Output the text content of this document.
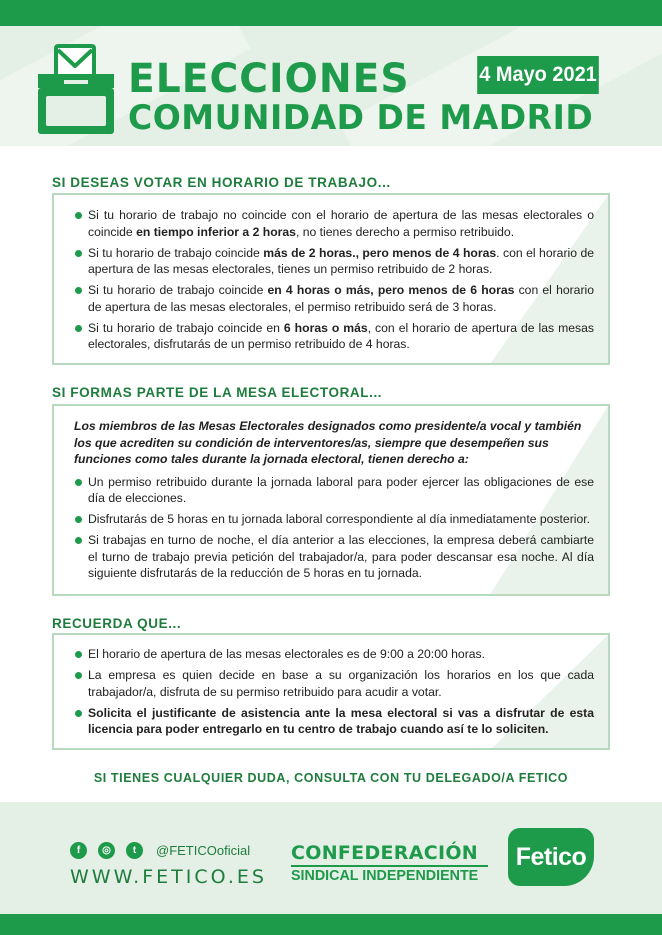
ELECCIONES
COMUNIDAD DE MADRID
4 Mayo 2021
SI DESEAS VOTAR EN HORARIO DE TRABAJO...
Si tu horario de trabajo no coincide con el horario de apertura de las mesas electorales o coincide en tiempo inferior a 2 horas, no tienes derecho a permiso retribuido.
Si tu horario de trabajo coincide más de 2 horas., pero menos de 4 horas. con el horario de apertura de las mesas electorales, tienes un permiso retribuido de 2 horas.
Si tu horario de trabajo coincide en 4 horas o más, pero menos de 6 horas con el horario de apertura de las mesas electorales, el permiso retribuido será de 3 horas.
Si tu horario de trabajo coincide en 6 horas o más, con el horario de apertura de las mesas electorales, disfrutarás de un permiso retribuido de 4 horas.
SI FORMAS PARTE DE LA MESA ELECTORAL...
Los miembros de las Mesas Electorales designados como presidente/a vocal y también los que acrediten su condición de interventores/as, siempre que desempeñen sus funciones como tales durante la jornada electoral, tienen derecho a:
Un permiso retribuido durante la jornada laboral para poder ejercer las obligaciones de ese día de elecciones.
Disfrutarás de 5 horas en tu jornada laboral correspondiente al día inmediatamente posterior.
Si trabajas en turno de noche, el día anterior a las elecciones, la empresa deberá cambiarte el turno de trabajo previa petición del trabajador/a, para poder descansar esa noche. Al día siguiente disfrutarás de la reducción de 5 horas en tu jornada.
RECUERDA QUE...
El horario de apertura de las mesas electorales es de 9:00 a 20:00 horas.
La empresa es quien decide en base a su organización los horarios en los que cada trabajador/a, disfruta de su permiso retribuido para acudir a votar.
Solicita el justificante de asistencia ante la mesa electoral si vas a disfrutar de esta licencia para poder entregarlo en tu centro de trabajo cuando así te lo soliciten.
SI TIENES CUALQUIER DUDA, CONSULTA CON TU DELEGADO/A FETICO
f	◎	t	@FETICOoficial
WWW.FETICO.ES
CONFEDERACIÓN
SINDICAL INDEPENDIENTE
Fetico
